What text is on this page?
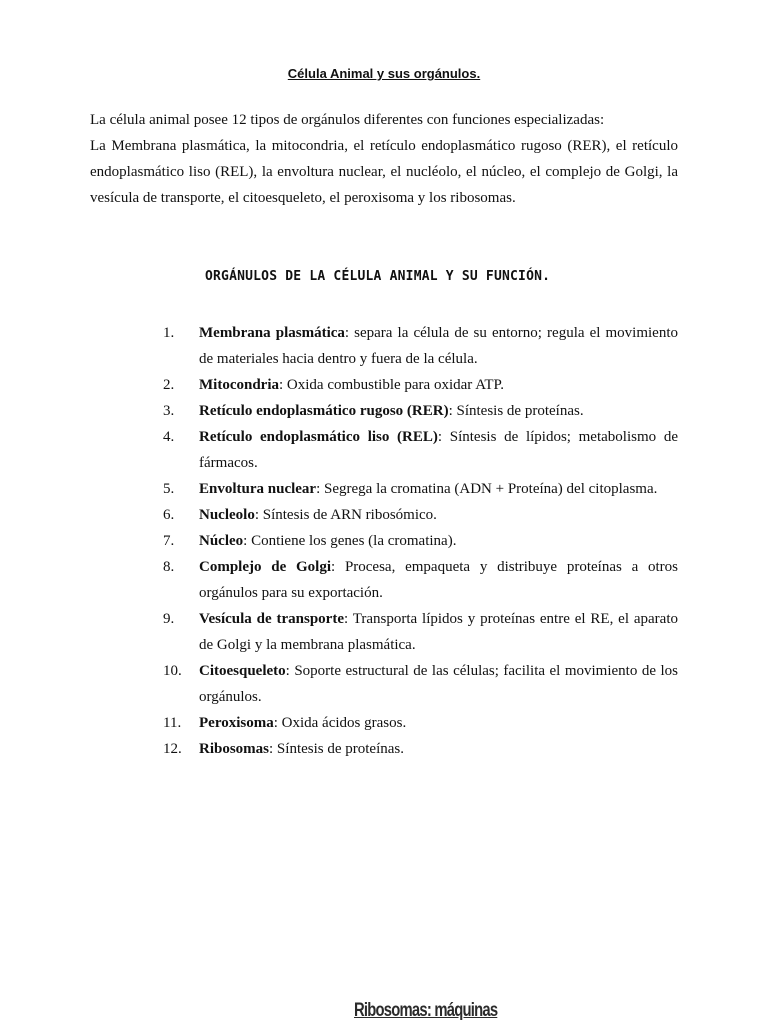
Célula Animal y sus orgánulos.

La célula animal posee 12 tipos de orgánulos diferentes con funciones especializadas:

La Membrana plasmática, la mitocondria, el retículo endoplasmático rugoso (RER), el retículo endoplasmático liso (REL), la envoltura nuclear, el nucléolo, el núcleo, el complejo de Golgi, la vesícula de transporte, el citoesqueleto, el peroxisoma y los ribosomas.

ORGÁNULOS DE LA CÉLULA ANIMAL Y SU FUNCIÓN.
1.	Membrana plasmática: separa la célula de su entorno; regula el movimiento de materiales hacia dentro y fuera de la célula.
2.	Mitocondria: Oxida combustible para oxidar ATP.
3.	Retículo endoplasmático rugoso (RER): Síntesis de proteínas.
4.	Retículo endoplasmático liso (REL): Síntesis de lípidos; metabolismo de fármacos.
5.	Envoltura nuclear: Segrega la cromatina (ADN + Proteína) del citoplasma.
6.	Nucleolo: Síntesis de ARN ribosómico.
7.	Núcleo: Contiene los genes (la cromatina).
8.	Complejo de Golgi: Procesa, empaqueta y distribuye proteínas a otros orgánulos para su exportación.
9.	Vesícula de transporte: Transporta lípidos y proteínas entre el RE, el aparato de Golgi y la membrana plasmática.
10.	Citoesqueleto: Soporte estructural de las células; facilita el movimiento de los orgánulos.
11.	Peroxisoma: Oxida ácidos grasos.
12.	Ribosomas: Síntesis de proteínas.
Ribosomas: máquinas
